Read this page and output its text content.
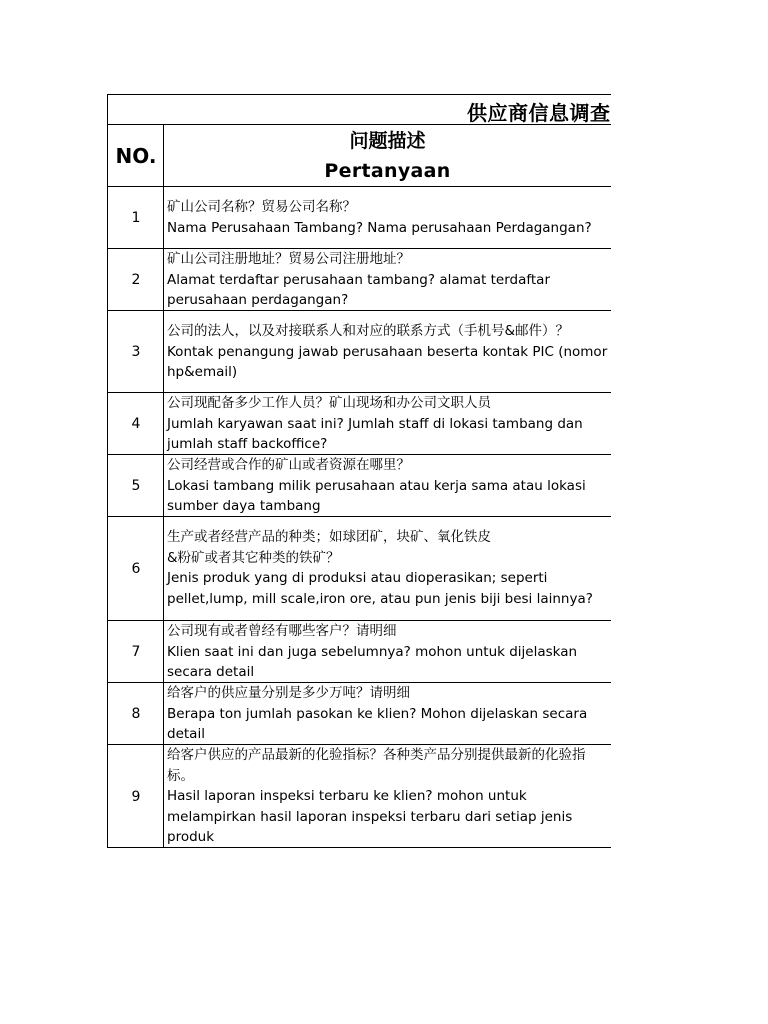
供应商信息调查
NO.
问题描述
Pertanyaan
1
矿山公司名称？贸易公司名称？
Nama Perusahaan Tambang? Nama perusahaan Perdagangan?
2
矿山公司注册地址？贸易公司注册地址？
Alamat terdaftar perusahaan tambang? alamat terdaftar
perusahaan perdagangan?
3
公司的法人，以及对接联系人和对应的联系方式（手机号&邮件）？
Kontak penangung jawab perusahaan beserta kontak PIC (nomor
hp&email)
4
公司现配备多少工作人员？矿山现场和办公司文职人员
Jumlah karyawan saat ini? Jumlah staff di lokasi tambang dan
jumlah staff backoffice?
5
公司经营或合作的矿山或者资源在哪里？
Lokasi tambang milik perusahaan atau kerja sama atau lokasi
sumber daya tambang
6
生产或者经营产品的种类；如球团矿，块矿、氧化铁皮
&粉矿或者其它种类的铁矿？
Jenis produk yang di produksi atau dioperasikan; seperti
pellet,lump, mill scale,iron ore, atau pun jenis biji besi lainnya?
7
公司现有或者曾经有哪些客户？请明细
Klien saat ini dan juga sebelumnya? mohon untuk dijelaskan
secara detail
8
给客户的供应量分别是多少万吨？请明细
Berapa ton jumlah pasokan ke klien? Mohon dijelaskan secara
detail
9
给客户供应的产品最新的化验指标？各种类产品分别提供最新的化验指
标。
Hasil laporan inspeksi terbaru ke klien? mohon untuk
melampirkan hasil laporan inspeksi terbaru dari setiap jenis
produk
